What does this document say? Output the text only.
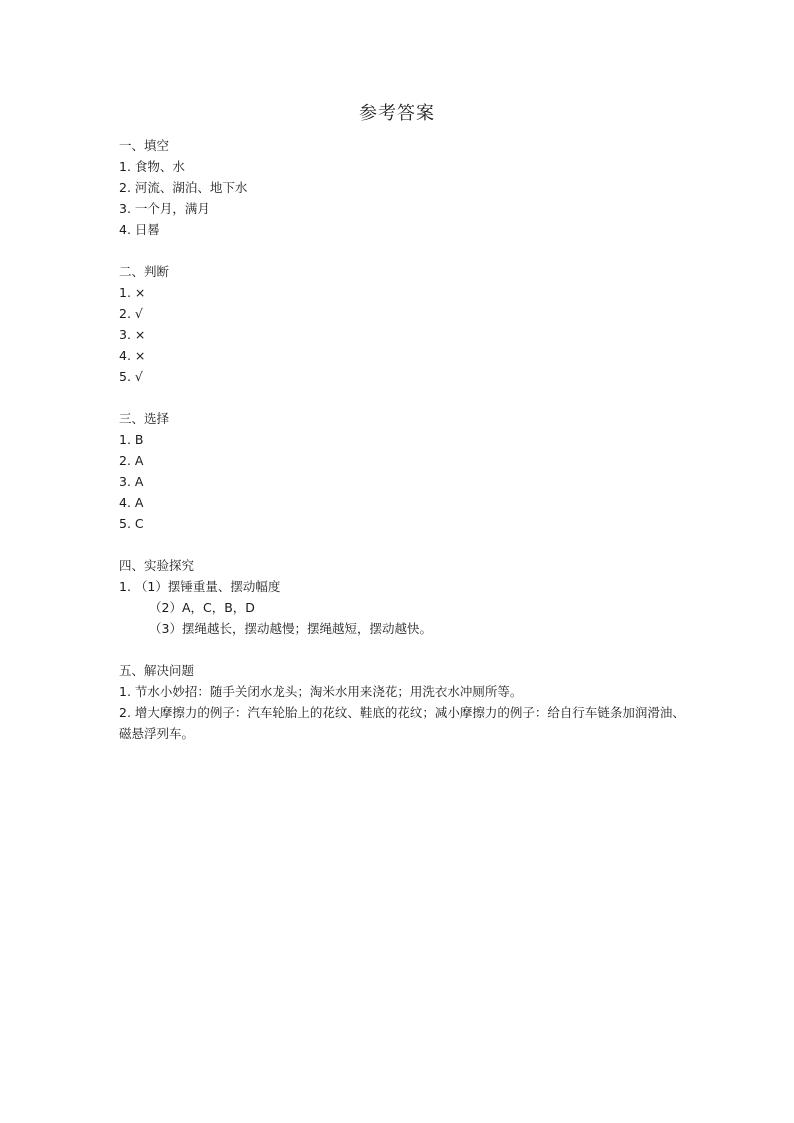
参考答案
一、填空
1. 食物、水
2. 河流、湖泊、地下水
3. 一个月，满月
4. 日晷
二、判断
1. ×
2. √
3. ×
4. ×
5. √
三、选择
1. B
2. A
3. A
4. A
5. C
四、实验探究
1. （1）摆锤重量、摆动幅度
（2）A，C，B，D
（3）摆绳越长，摆动越慢；摆绳越短，摆动越快。
五、解决问题
1. 节水小妙招：随手关闭水龙头；淘米水用来浇花；用洗衣水冲厕所等。
2. 增大摩擦力的例子：汽车轮胎上的花纹、鞋底的花纹；减小摩擦力的例子：给自行车链条加润滑油、磁悬浮列车。
